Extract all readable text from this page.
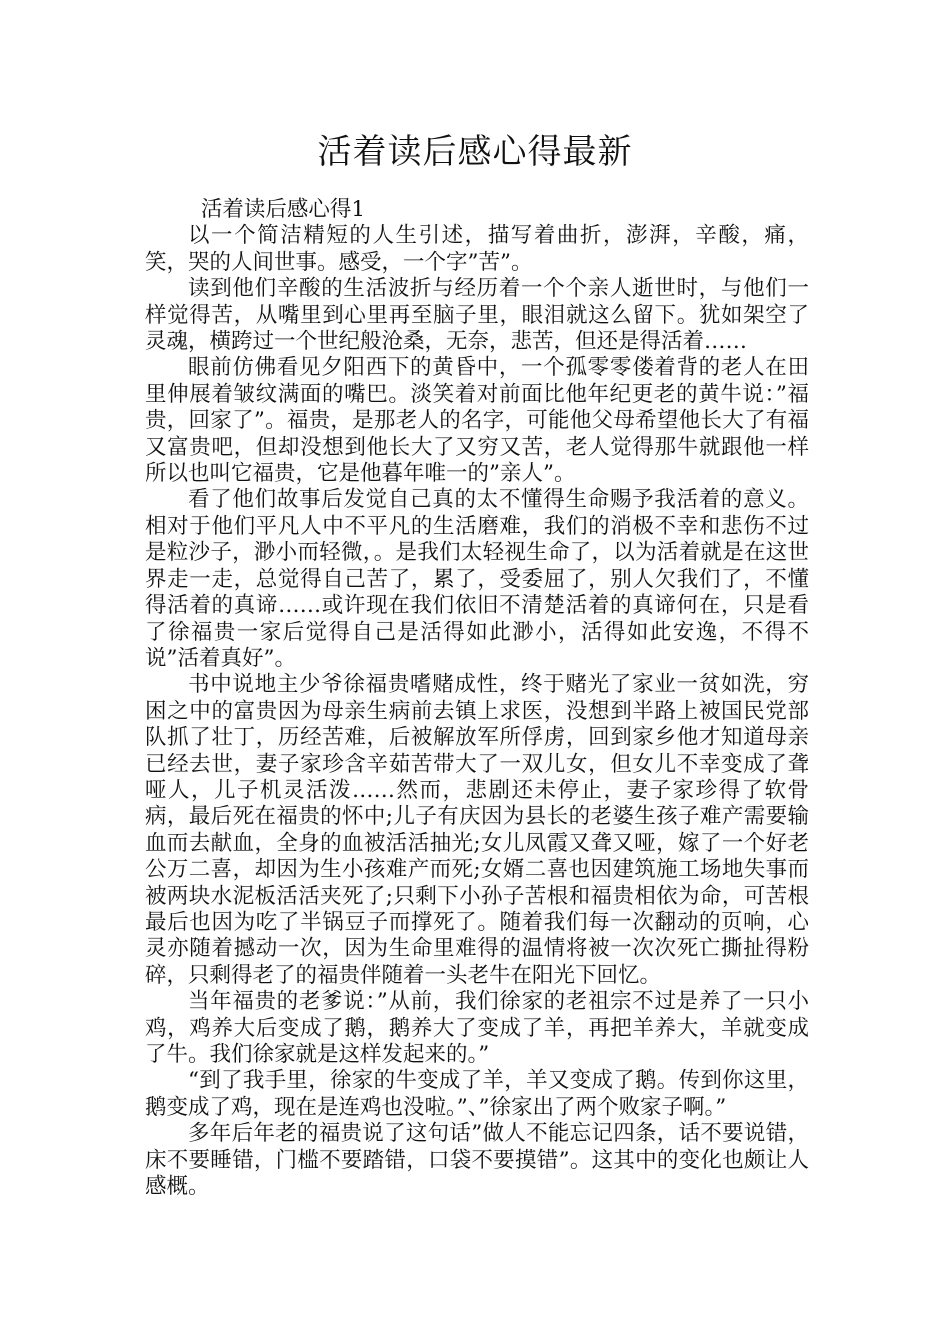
活着读后感心得最新

活着读后感心得1

以一个简洁精短的人生引述，描写着曲折，澎湃，辛酸，痛，笑，哭的人间世事。感受，一个字”苦”。

读到他们辛酸的生活波折与经历着一个个亲人逝世时，与他们一样觉得苦，从嘴里到心里再至脑子里，眼泪就这么留下。犹如架空了灵魂，横跨过一个世纪般沧桑，无奈，悲苦，但还是得活着……

眼前仿佛看见夕阳西下的黄昏中，一个孤零零偻着背的老人在田里伸展着皱纹满面的嘴巴。淡笑着对前面比他年纪更老的黄牛说：”福贵，回家了”。福贵，是那老人的名字，可能他父母希望他长大了有福又富贵吧，但却没想到他长大了又穷又苦，老人觉得那牛就跟他一样所以也叫它福贵，它是他暮年唯一的”亲人”。

看了他们故事后发觉自己真的太不懂得生命赐予我活着的意义。相对于他们平凡人中不平凡的生活磨难，我们的消极不幸和悲伤不过是粒沙子，渺小而轻微，。是我们太轻视生命了，以为活着就是在这世界走一走，总觉得自己苦了，累了，受委屈了，别人欠我们了，不懂得活着的真谛……或许现在我们依旧不清楚活着的真谛何在，只是看了徐福贵一家后觉得自己是活得如此渺小，活得如此安逸，不得不说”活着真好”。

书中说地主少爷徐福贵嗜赌成性，终于赌光了家业一贫如洗，穷困之中的富贵因为母亲生病前去镇上求医，没想到半路上被国民党部队抓了壮丁，历经苦难，后被解放军所俘虏，回到家乡他才知道母亲已经去世，妻子家珍含辛茹苦带大了一双儿女，但女儿不幸变成了聋哑人，儿子机灵活泼……然而，悲剧还未停止，妻子家珍得了软骨病，最后死在福贵的怀中;儿子有庆因为县长的老婆生孩子难产需要输血而去献血，全身的血被活活抽光;女儿凤霞又聋又哑，嫁了一个好老公万二喜，却因为生小孩难产而死;女婿二喜也因建筑施工场地失事而被两块水泥板活活夹死了;只剩下小孙子苦根和福贵相依为命，可苦根最后也因为吃了半锅豆子而撑死了。随着我们每一次翻动的页响，心灵亦随着撼动一次，因为生命里难得的温情将被一次次死亡撕扯得粉碎，只剩得老了的福贵伴随着一头老牛在阳光下回忆。

当年福贵的老爹说：”从前，我们徐家的老祖宗不过是养了一只小鸡，鸡养大后变成了鹅，鹅养大了变成了羊，再把羊养大，羊就变成了牛。我们徐家就是这样发起来的。”

“到了我手里，徐家的牛变成了羊，羊又变成了鹅。传到你这里，鹅变成了鸡，现在是连鸡也没啦。”、”徐家出了两个败家子啊。”

多年后年老的福贵说了这句话”做人不能忘记四条，话不要说错，床不要睡错，门槛不要踏错，口袋不要摸错”。这其中的变化也颇让人感概。
